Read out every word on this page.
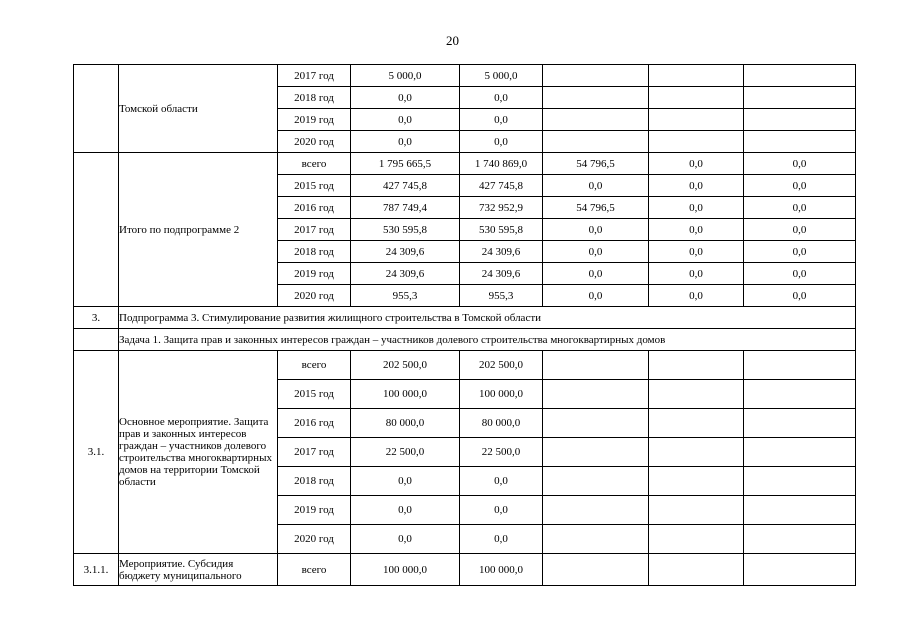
20
	Томской области	2017 год	5 000,0	5 000,0			
		2018 год	0,0	0,0			
		2019 год	0,0	0,0			
		2020 год	0,0	0,0			
	Итого по подпрограмме 2	всего	1 795 665,5	1 740 869,0	54 796,5	0,0	0,0
		2015 год	427 745,8	427 745,8	0,0	0,0	0,0
		2016 год	787 749,4	732 952,9	54 796,5	0,0	0,0
		2017 год	530 595,8	530 595,8	0,0	0,0	0,0
		2018 год	24 309,6	24 309,6	0,0	0,0	0,0
		2019 год	24 309,6	24 309,6	0,0	0,0	0,0
		2020 год	955,3	955,3	0,0	0,0	0,0
3.	Подпрограмма 3. Стимулирование развития жилищного строительства в Томской области						
	Задача 1. Защита прав и законных интересов граждан – участников долевого строительства многоквартирных домов						
3.1.	Основное мероприятие. Защита прав и законных интересов граждан – участников долевого строительства многоквартирных домов на территории Томской области	всего	202 500,0	202 500,0			
		2015 год	100 000,0	100 000,0			
		2016 год	80 000,0	80 000,0			
		2017 год	22 500,0	22 500,0			
		2018 год	0,0	0,0			
		2019 год	0,0	0,0			
		2020 год	0,0	0,0			
3.1.1.	Мероприятие. Субсидия бюджету муниципального	всего	100 000,0	100 000,0			
